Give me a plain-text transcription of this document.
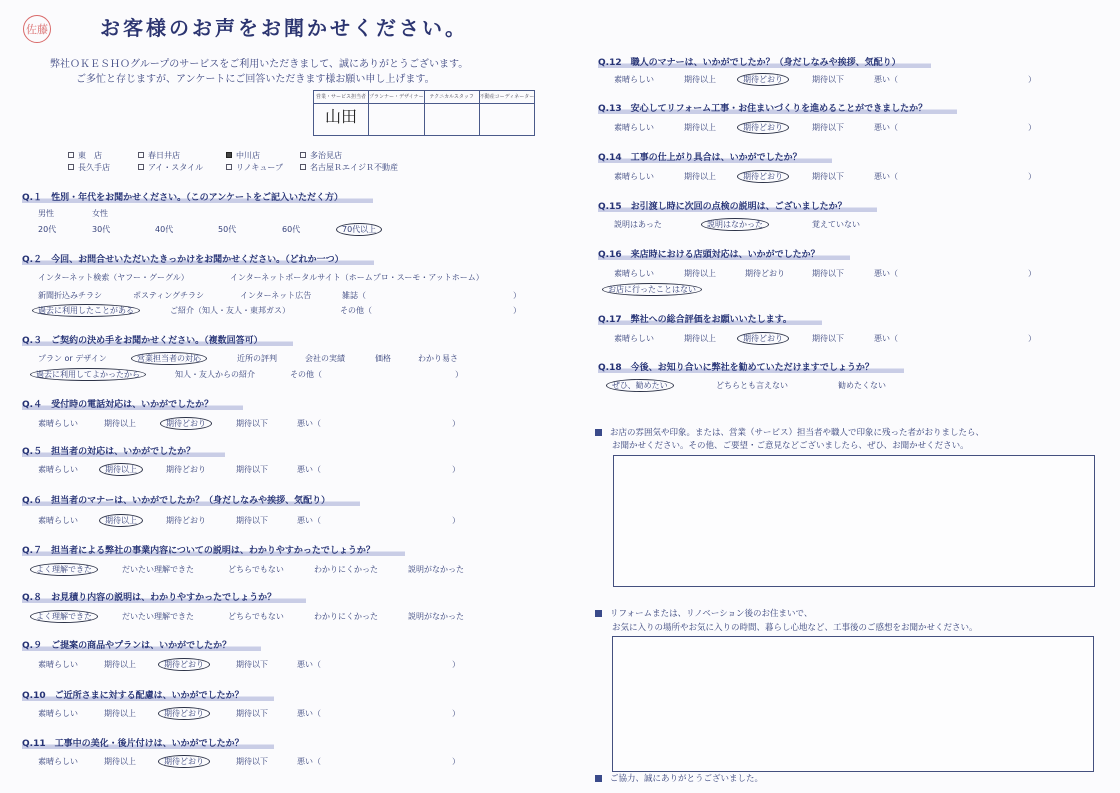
佐藤	お客様のお声をお聞かせください。
弊社ＯＫＥＳＨＯグループのサービスをご利用いただきまして、誠にありがとうございます。
ご多忙と存じますが、アンケートにご回答いただきます様お願い申し上げます。
営業・サービス担当者	プランナー・デザイナー	テクニカルスタッフ	不動産コーディネーター
山田			
東　店	春日井店	中川店	多治見店
長久手店	アイ・スタイル	リノキューブ	名古屋ＲエイジＲ不動産
Q.１　性別・年代をお聞かせください。（このアンケートをご記入いただく方）
男性	女性
20代	30代	40代	50代	60代	70代以上
Q.２　今回、お問合せいただいたきっかけをお聞かせください。（どれか一つ）
インターネット検索（ヤフー・グーグル）	インターネットポータルサイト（ホームプロ・スーモ・アットホーム）
新聞折込みチラシ	ポスティングチラシ	インターネット広告	雑誌（	）
過去に利用したことがある	ご紹介（知人・友人・東邦ガス）	その他（	）
Q.３　ご契約の決め手をお聞かせください。（複数回答可）
プラン or デザイン	営業担当者の対応	近所の評判	会社の実績	価格	わかり易さ
過去に利用してよかったから	知人・友人からの紹介	その他（	）
Q.４　受付時の電話対応は、いかがでしたか？
素晴らしい	期待以上	期待どおり	期待以下	悪い（	）
Q.５　担当者の対応は、いかがでしたか？
素晴らしい	期待以上	期待どおり	期待以下	悪い（	）
Q.６　担当者のマナーは、いかがでしたか？（身だしなみや挨拶、気配り）
素晴らしい	期待以上	期待どおり	期待以下	悪い（	）
Q.７　担当者による弊社の事業内容についての説明は、わかりやすかったでしょうか？
よく理解できた	だいたい理解できた	どちらでもない	わかりにくかった	説明がなかった
Q.８　お見積り内容の説明は、わかりやすかったでしょうか？
よく理解できた	だいたい理解できた	どちらでもない	わかりにくかった	説明がなかった
Q.９　ご提案の商品やプランは、いかがでしたか？
素晴らしい	期待以上	期待どおり	期待以下	悪い（	）
Q.10　ご近所さまに対する配慮は、いかがでしたか？
素晴らしい	期待以上	期待どおり	期待以下	悪い（	）
Q.11　工事中の美化・後片付けは、いかがでしたか？
素晴らしい	期待以上	期待どおり	期待以下	悪い（	）
Q.12　職人のマナーは、いかがでしたか？（身だしなみや挨拶、気配り）
素晴らしい	期待以上	期待どおり	期待以下	悪い（	）
Q.13　安心してリフォーム工事・お住まいづくりを進めることができましたか？
素晴らしい	期待以上	期待どおり	期待以下	悪い（	）
Q.14　工事の仕上がり具合は、いかがでしたか？
素晴らしい	期待以上	期待どおり	期待以下	悪い（	）
Q.15　お引渡し時に次回の点検の説明は、ございましたか？
説明はあった	説明はなかった	覚えていない
Q.16　来店時における店頭対応は、いかがでしたか？
素晴らしい	期待以上	期待どおり	期待以下	悪い（	）
お店に行ったことはない
Q.17　弊社への総合評価をお願いいたします。
素晴らしい	期待以上	期待どおり	期待以下	悪い（	）
Q.18　今後、お知り合いに弊社を勧めていただけますでしょうか？
ぜひ、勧めたい	どちらとも言えない	勧めたくない
お店の雰囲気や印象。または、営業（サービス）担当者や職人で印象に残った者がおりましたら、
お聞かせください。その他、ご要望・ご意見などございましたら、ぜひ、お聞かせください。
リフォームまたは、リノベーション後のお住まいで、
お気に入りの場所やお気に入りの時間、暮らし心地など、工事後のご感想をお聞かせください。
ご協力、誠にありがとうございました。
